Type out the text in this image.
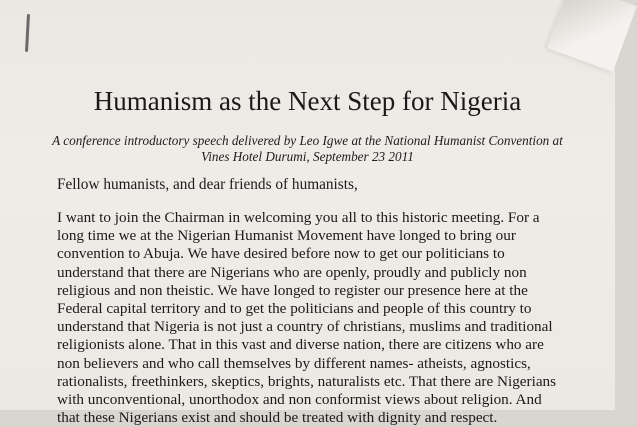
Humanism as the Next Step for Nigeria

A conference introductory speech delivered by Leo Igwe at the National Humanist Convention at
Vines Hotel Durumi, September 23 2011

Fellow humanists, and dear friends of humanists,

I want to join the Chairman in welcoming you all to this historic meeting. For a
long time we at the Nigerian Humanist Movement have longed to bring our
convention to Abuja. We have desired before now to get our politicians to
understand that there are Nigerians who are openly, proudly and publicly non
religious and non theistic. We have longed to register our presence here at the
Federal capital territory and to get the politicians and people of this country to
understand that Nigeria is not just a country of christians, muslims and traditional
religionists alone. That in this vast and diverse nation, there are citizens who are
non believers and who call themselves by different names- atheists, agnostics,
rationalists, freethinkers, skeptics, brights, naturalists etc. That there are Nigerians
with unconventional, unorthodox and non conformist views about religion. And
that these Nigerians exist and should be treated with dignity and respect.
